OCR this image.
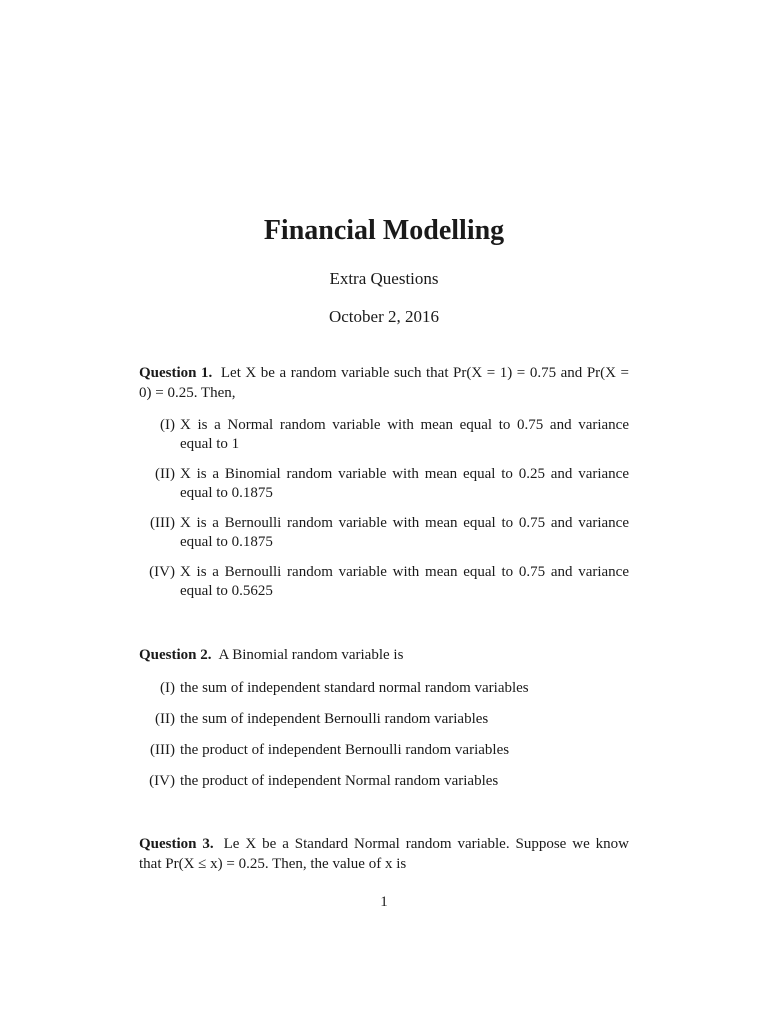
Financial Modelling
Extra Questions
October 2, 2016
Question 1. Let X be a random variable such that Pr(X = 1) = 0.75 and Pr(X = 0) = 0.25. Then,
(I) X is a Normal random variable with mean equal to 0.75 and variance equal to 1
(II) X is a Binomial random variable with mean equal to 0.25 and variance equal to 0.1875
(III) X is a Bernoulli random variable with mean equal to 0.75 and variance equal to 0.1875
(IV) X is a Bernoulli random variable with mean equal to 0.75 and variance equal to 0.5625
Question 2. A Binomial random variable is
(I) the sum of independent standard normal random variables
(II) the sum of independent Bernoulli random variables
(III) the product of independent Bernoulli random variables
(IV) the product of independent Normal random variables
Question 3. Le X be a Standard Normal random variable. Suppose we know that Pr(X ≤ x) = 0.25. Then, the value of x is
1
